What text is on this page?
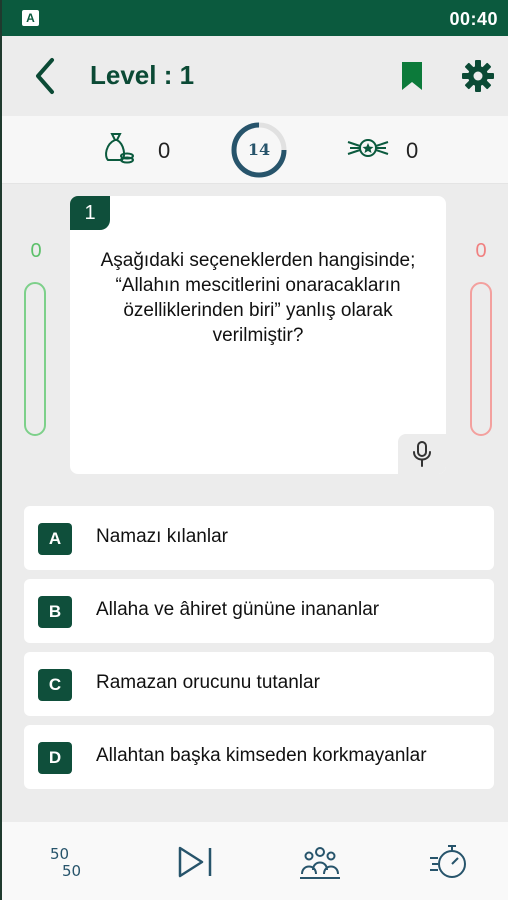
A	00:40
Level : 1
0	14	0
0	0
1
Aşağıdaki seçeneklerden hangisinde; “Allahın mescitlerini onaracakların özelliklerinden biri” yanlış olarak verilmiştir?
A	Namazı kılanlar
B	Allaha ve âhiret gününe inananlar
C	Ramazan orucunu tutanlar
D	Allahtan başka kimseden korkmayanlar
50
50
